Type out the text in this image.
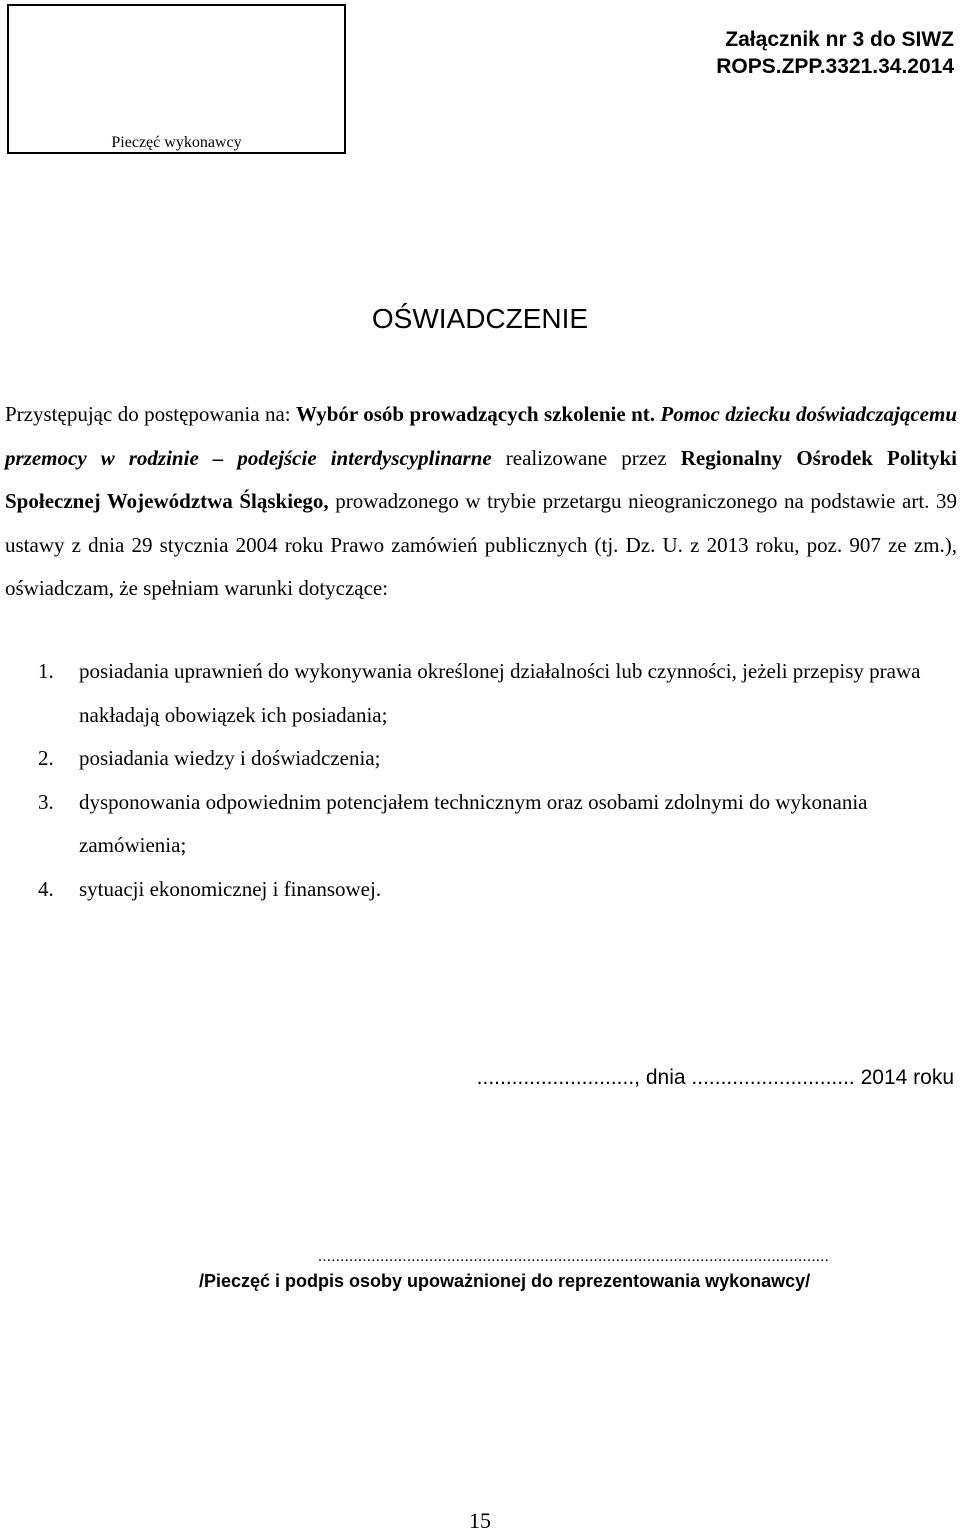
Pieczęć wykonawcy
Załącznik nr 3 do SIWZ
ROPS.ZPP.3321.34.2014
OŚWIADCZENIE
Przystępując do postępowania na: Wybór osób prowadzących szkolenie nt. Pomoc dziecku doświadczającemu przemocy w rodzinie – podejście interdyscyplinarne realizowane przez Regionalny Ośrodek Polityki Społecznej Województwa Śląskiego, prowadzonego w trybie przetargu nieograniczonego na podstawie art. 39 ustawy z dnia 29 stycznia 2004 roku Prawo zamówień publicznych (tj. Dz. U. z 2013 roku, poz. 907 ze zm.), oświadczam, że spełniam warunki dotyczące:
1. posiadania uprawnień do wykonywania określonej działalności lub czynności, jeżeli przepisy prawa nakładają obowiązek ich posiadania;
2. posiadania wiedzy i doświadczenia;
3. dysponowania odpowiednim potencjałem technicznym oraz osobami zdolnymi do wykonania zamówienia;
4. sytuacji ekonomicznej i finansowej.
..........................., dnia ............................ 2014 roku
...................................................................................................................
/Pieczęć i podpis osoby upoważnionej do reprezentowania wykonawcy/
15
